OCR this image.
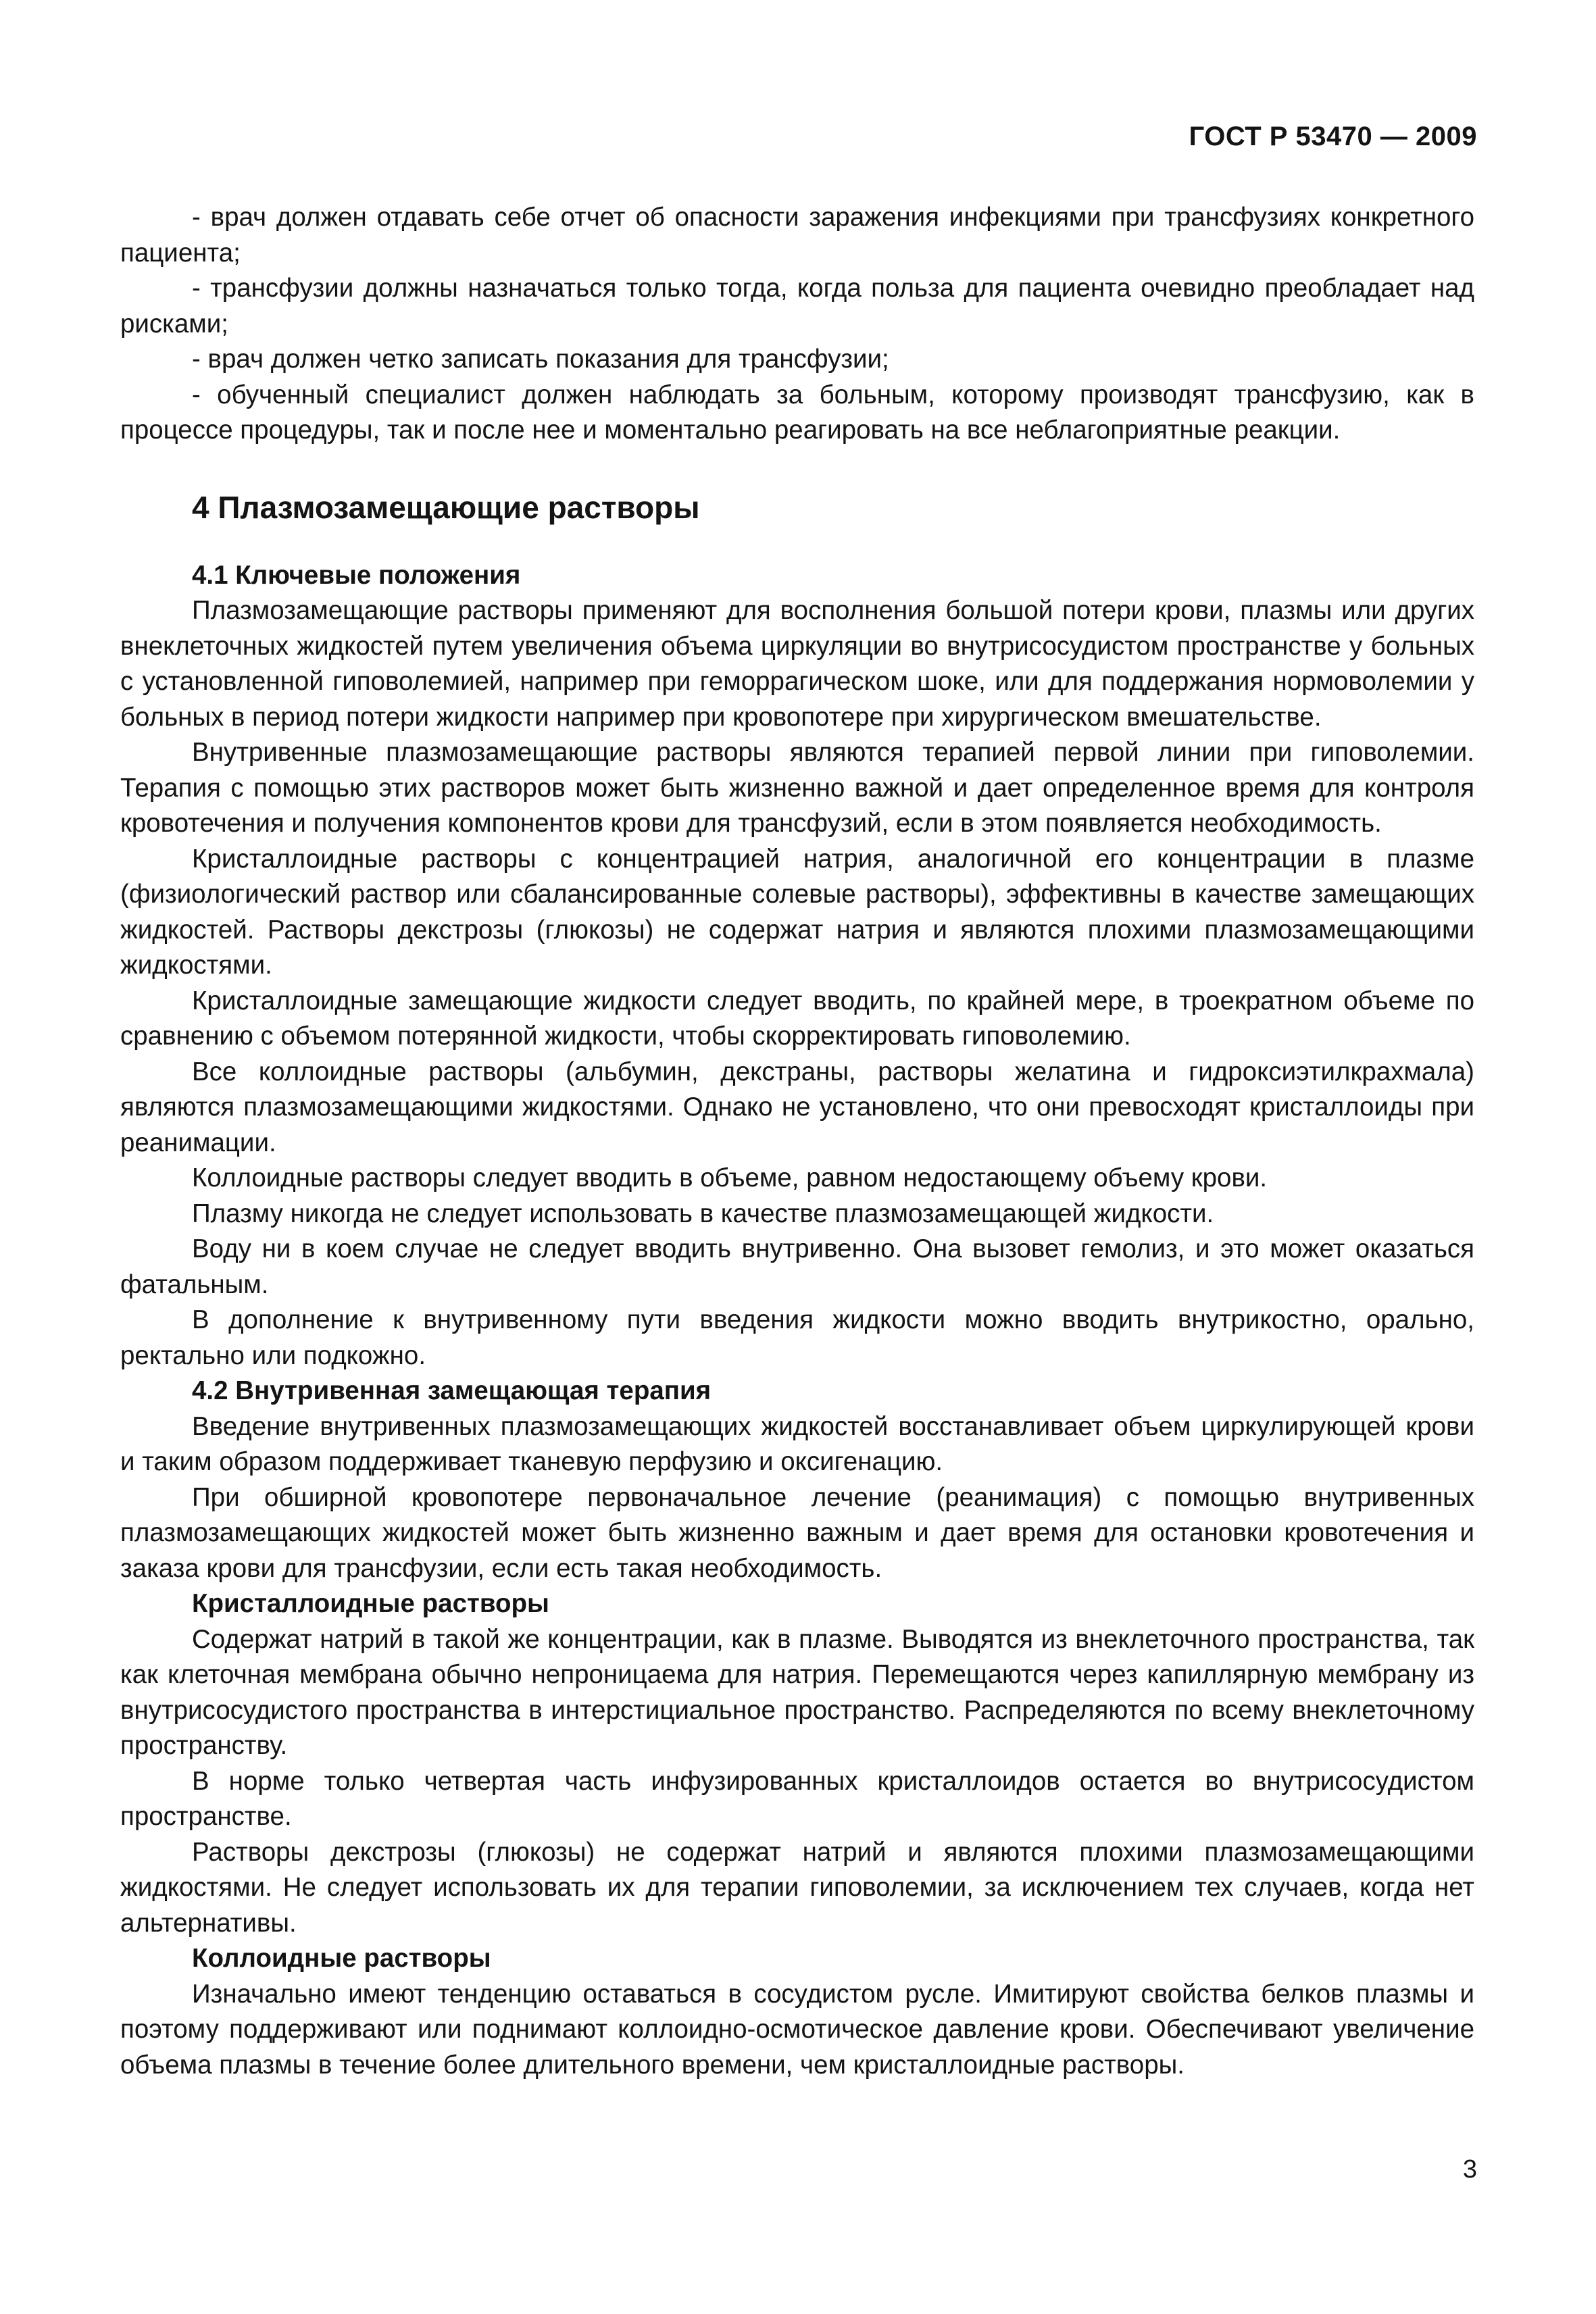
ГОСТ Р 53470 — 2009

- врач должен отдавать себе отчет об опасности заражения инфекциями при трансфузиях конкретного пациента;

- трансфузии должны назначаться только тогда, когда польза для пациента очевидно преобладает над рисками;

- врач должен четко записать показания для трансфузии;

- обученный специалист должен наблюдать за больным, которому производят трансфузию, как в процессе процедуры, так и после нее и моментально реагировать на все неблагоприятные реакции.

4 Плазмозамещающие растворы
4.1 Ключевые положения

Плазмозамещающие растворы применяют для восполнения большой потери крови, плазмы или других внеклеточных жидкостей путем увеличения объема циркуляции во внутрисосудистом пространстве у больных с установленной гиповолемией, например при геморрагическом шоке, или для поддержания нормоволемии у больных в период потери жидкости например при кровопотере при хирургическом вмешательстве.

Внутривенные плазмозамещающие растворы являются терапией первой линии при гиповолемии. Терапия с помощью этих растворов может быть жизненно важной и дает определенное время для контроля кровотечения и получения компонентов крови для трансфузий, если в этом появляется необходимость.

Кристаллоидные растворы с концентрацией натрия, аналогичной его концентрации в плазме (физиологический раствор или сбалансированные солевые растворы), эффективны в качестве замещающих жидкостей. Растворы декстрозы (глюкозы) не содержат натрия и являются плохими плазмозамещающими жидкостями.

Кристаллоидные замещающие жидкости следует вводить, по крайней мере, в троекратном объеме по сравнению с объемом потерянной жидкости, чтобы скорректировать гиповолемию.

Все коллоидные растворы (альбумин, декстраны, растворы желатина и гидроксиэтилкрахмала) являются плазмозамещающими жидкостями. Однако не установлено, что они превосходят кристаллоиды при реанимации.

Коллоидные растворы следует вводить в объеме, равном недостающему объему крови.

Плазму никогда не следует использовать в качестве плазмозамещающей жидкости.

Воду ни в коем случае не следует вводить внутривенно. Она вызовет гемолиз, и это может оказаться фатальным.

В дополнение к внутривенному пути введения жидкости можно вводить внутрикостно, орально, ректально или подкожно.

4.2 Внутривенная замещающая терапия

Введение внутривенных плазмозамещающих жидкостей восстанавливает объем циркулирующей крови и таким образом поддерживает тканевую перфузию и оксигенацию.

При обширной кровопотере первоначальное лечение (реанимация) с помощью внутривенных плазмозамещающих жидкостей может быть жизненно важным и дает время для остановки кровотечения и заказа крови для трансфузии, если есть такая необходимость.

Кристаллоидные растворы

Содержат натрий в такой же концентрации, как в плазме. Выводятся из внеклеточного пространства, так как клеточная мембрана обычно непроницаема для натрия. Перемещаются через капиллярную мембрану из внутрисосудистого пространства в интерстициальное пространство. Распределяются по всему внеклеточному пространству.

В норме только четвертая часть инфузированных кристаллоидов остается во внутрисосудистом пространстве.

Растворы декстрозы (глюкозы) не содержат натрий и являются плохими плазмозамещающими жидкостями. Не следует использовать их для терапии гиповолемии, за исключением тех случаев, когда нет альтернативы.

Коллоидные растворы

Изначально имеют тенденцию оставаться в сосудистом русле. Имитируют свойства белков плазмы и поэтому поддерживают или поднимают коллоидно-осмотическое давление крови. Обеспечивают увеличение объема плазмы в течение более длительного времени, чем кристаллоидные растворы.

3
